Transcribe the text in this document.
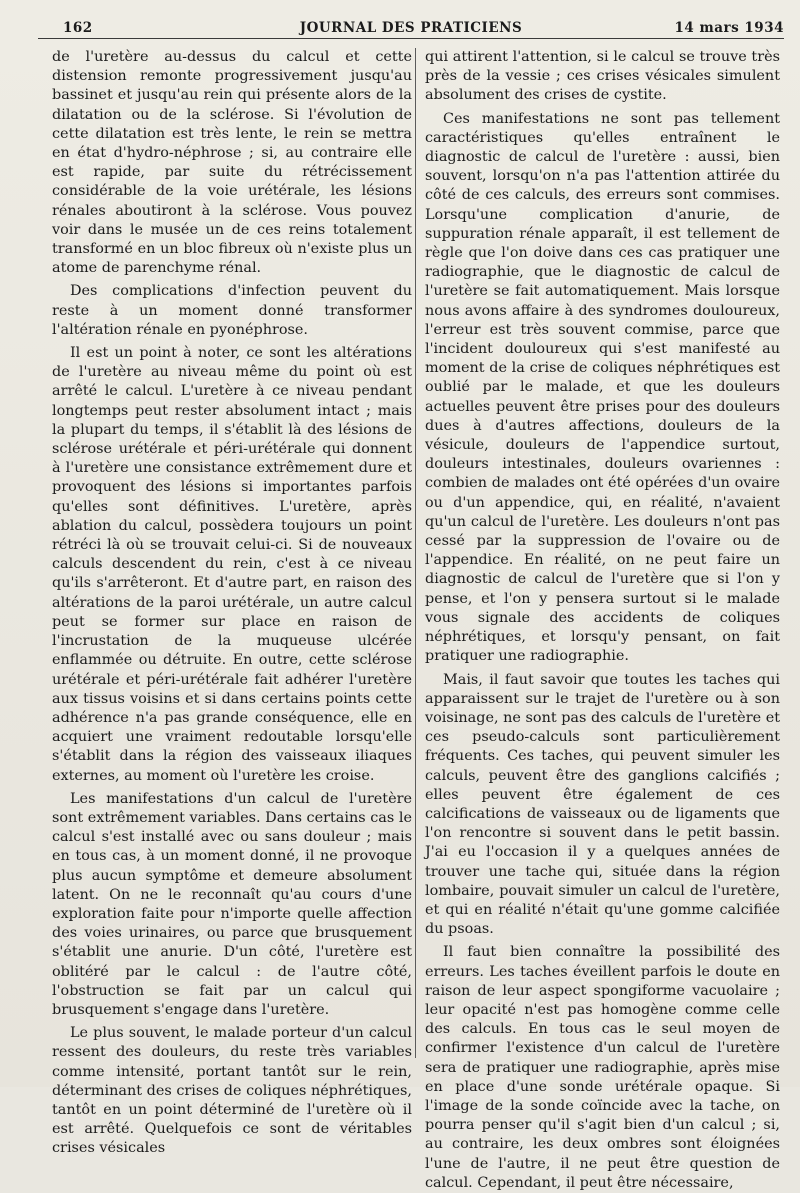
162	JOURNAL DES PRATICIENS	14 mars 1934

de l'uretère au-dessus du calcul et cette distension remonte progressivement jusqu'au bassinet et jusqu'au rein qui présente alors de la dilatation ou de la sclérose. Si l'évolution de cette dilatation est très lente, le rein se mettra en état d'hydro-néphrose ; si, au contraire elle est rapide, par suite du rétrécissement considérable de la voie urétérale, les lésions rénales aboutiront à la sclérose. Vous pouvez voir dans le musée un de ces reins totalement transformé en un bloc fibreux où n'existe plus un atome de parenchyme rénal.

Des complications d'infection peuvent du reste à un moment donné transformer l'altération rénale en pyonéphrose.

Il est un point à noter, ce sont les altérations de l'uretère au niveau même du point où est arrêté le calcul. L'uretère à ce niveau pendant longtemps peut rester absolument intact ; mais la plupart du temps, il s'établit là des lésions de sclérose urétérale et péri-urétérale qui donnent à l'uretère une consistance extrêmement dure et provoquent des lésions si importantes parfois qu'elles sont définitives. L'uretère, après ablation du calcul, possèdera toujours un point rétréci là où se trouvait celui-ci. Si de nouveaux calculs descendent du rein, c'est à ce niveau qu'ils s'arrêteront. Et d'autre part, en raison des altérations de la paroi urétérale, un autre calcul peut se former sur place en raison de l'incrustation de la muqueuse ulcérée enflammée ou détruite. En outre, cette sclérose urétérale et péri-urétérale fait adhérer l'uretère aux tissus voisins et si dans certains points cette adhérence n'a pas grande conséquence, elle en acquiert une vraiment redoutable lorsqu'elle s'établit dans la région des vaisseaux iliaques externes, au moment où l'uretère les croise.

Les manifestations d'un calcul de l'uretère sont extrêmement variables. Dans certains cas le calcul s'est installé avec ou sans douleur ; mais en tous cas, à un moment donné, il ne provoque plus aucun symptôme et demeure absolument latent. On ne le reconnaît qu'au cours d'une exploration faite pour n'importe quelle affection des voies urinaires, ou parce que brusquement s'établit une anurie. D'un côté, l'uretère est oblitéré par le calcul : de l'autre côté, l'obstruction se fait par un calcul qui brusquement s'engage dans l'uretère.

Le plus souvent, le malade porteur d'un calcul ressent des douleurs, du reste très variables comme intensité, portant tantôt sur le rein, déterminant des crises de coliques néphrétiques, tantôt en un point déterminé de l'uretère où il est arrêté. Quelquefois ce sont de véritables crises vésicales

qui attirent l'attention, si le calcul se trouve très près de la vessie ; ces crises vésicales simulent absolument des crises de cystite.

Ces manifestations ne sont pas tellement caractéristiques qu'elles entraînent le diagnostic de calcul de l'uretère : aussi, bien souvent, lorsqu'on n'a pas l'attention attirée du côté de ces calculs, des erreurs sont commises. Lorsqu'une complication d'anurie, de suppuration rénale apparaît, il est tellement de règle que l'on doive dans ces cas pratiquer une radiographie, que le diagnostic de calcul de l'uretère se fait automatiquement. Mais lorsque nous avons affaire à des syndromes douloureux, l'erreur est très souvent commise, parce que l'incident douloureux qui s'est manifesté au moment de la crise de coliques néphrétiques est oublié par le malade, et que les douleurs actuelles peuvent être prises pour des douleurs dues à d'autres affections, douleurs de la vésicule, douleurs de l'appendice surtout, douleurs intestinales, douleurs ovariennes : combien de malades ont été opérées d'un ovaire ou d'un appendice, qui, en réalité, n'avaient qu'un calcul de l'uretère. Les douleurs n'ont pas cessé par la suppression de l'ovaire ou de l'appendice. En réalité, on ne peut faire un diagnostic de calcul de l'uretère que si l'on y pense, et l'on y pensera surtout si le malade vous signale des accidents de coliques néphrétiques, et lorsqu'y pensant, on fait pratiquer une radiographie.

Mais, il faut savoir que toutes les taches qui apparaissent sur le trajet de l'uretère ou à son voisinage, ne sont pas des calculs de l'uretère et ces pseudo-calculs sont particulièrement fréquents. Ces taches, qui peuvent simuler les calculs, peuvent être des ganglions calcifiés ; elles peuvent être également de ces calcifications de vaisseaux ou de ligaments que l'on rencontre si souvent dans le petit bassin. J'ai eu l'occasion il y a quelques années de trouver une tache qui, située dans la région lombaire, pouvait simuler un calcul de l'uretère, et qui en réalité n'était qu'une gomme calcifiée du psoas.

Il faut bien connaître la possibilité des erreurs. Les taches éveillent parfois le doute en raison de leur aspect spongiforme vacuolaire ; leur opacité n'est pas homogène comme celle des calculs. En tous cas le seul moyen de confirmer l'existence d'un calcul de l'uretère sera de pratiquer une radiographie, après mise en place d'une sonde urétérale opaque. Si l'image de la sonde coïncide avec la tache, on pourra penser qu'il s'agit bien d'un calcul ; si, au contraire, les deux ombres sont éloignées l'une de l'autre, il ne peut être question de calcul. Cependant, il peut être nécessaire,
